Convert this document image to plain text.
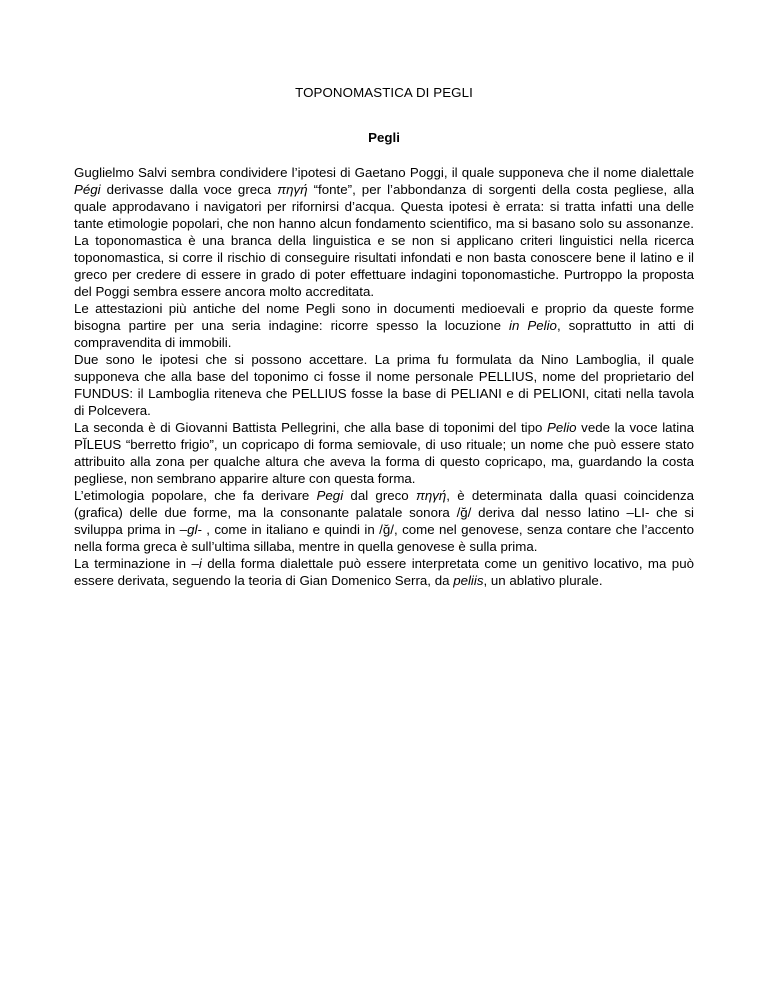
TOPONOMASTICA DI PEGLI
Pegli

Guglielmo Salvi sembra condividere l’ipotesi di Gaetano Poggi, il quale supponeva che il nome dialettale Pégi derivasse dalla voce greca πηγή “fonte”, per l’abbondanza di sorgenti della costa pegliese, alla quale approdavano i navigatori per rifornirsi d’acqua. Questa ipotesi è errata: si tratta infatti una delle tante etimologie popolari, che non hanno alcun fondamento scientifico, ma si basano solo su assonanze. La toponomastica è una branca della linguistica e se non si applicano criteri linguistici nella ricerca toponomastica, si corre il rischio di conseguire risultati infondati e non basta conoscere bene il latino e il greco per credere di essere in grado di poter effettuare indagini toponomastiche. Purtroppo la proposta del Poggi sembra essere ancora molto accreditata.

Le attestazioni più antiche del nome Pegli sono in documenti medioevali e proprio da queste forme bisogna partire per una seria indagine: ricorre spesso la locuzione in Pelio, soprattutto in atti di compravendita di immobili.

Due sono le ipotesi che si possono accettare. La prima fu formulata da Nino Lamboglia, il quale supponeva che alla base del toponimo ci fosse il nome personale PELLIUS, nome del proprietario del FUNDUS: il Lamboglia riteneva che PELLIUS fosse la base di PELIANI e di PELIONI, citati nella tavola di Polcevera.

La seconda è di Giovanni Battista Pellegrini, che alla base di toponimi del tipo Pelio vede la voce latina PĬLEUS “berretto frigio”, un copricapo di forma semiovale, di uso rituale; un nome che può essere stato attribuito alla zona per qualche altura che aveva la forma di questo copricapo, ma, guardando la costa pegliese, non sembrano apparire alture con questa forma.

L’etimologia popolare, che fa derivare Pegi dal greco πηγή, è determinata dalla quasi coincidenza (grafica) delle due forme, ma la consonante palatale sonora /ğ/ deriva dal nesso latino –LI- che si sviluppa prima in –gl- , come in italiano e quindi in /ğ/, come nel genovese, senza contare che l’accento nella forma greca è sull’ultima sillaba, mentre in quella genovese è sulla prima.

La terminazione in –i della forma dialettale può essere interpretata come un genitivo locativo, ma può essere derivata, seguendo la teoria di Gian Domenico Serra, da peliis, un ablativo plurale.
